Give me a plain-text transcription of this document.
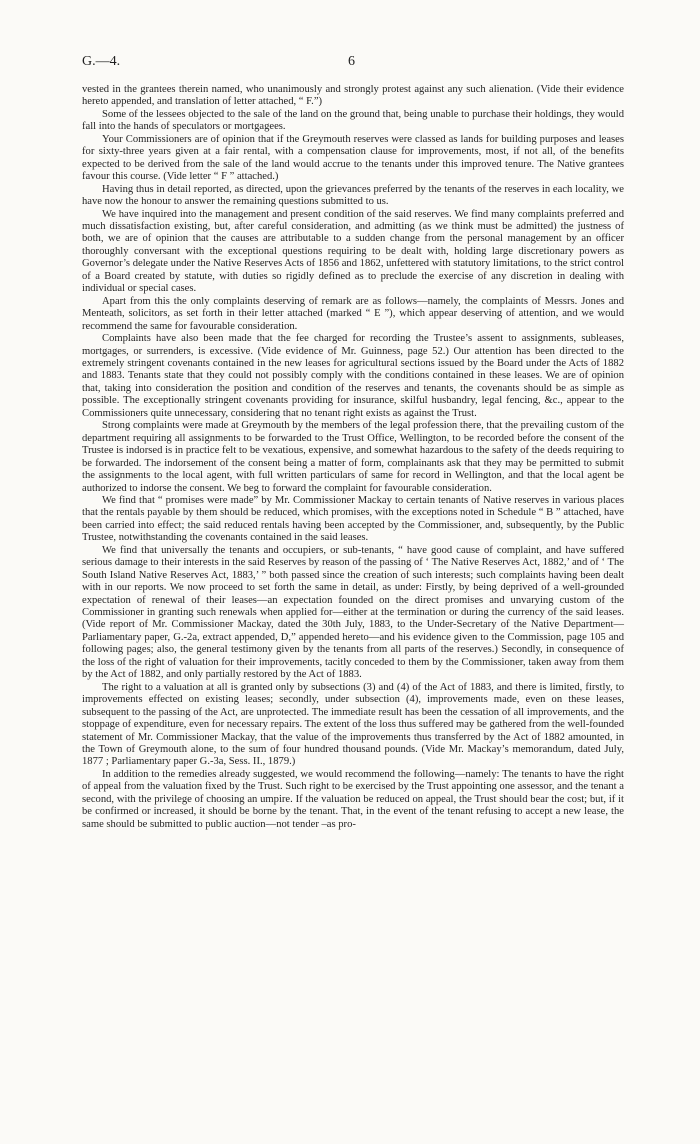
G.—4.	6

vested in the grantees therein named, who unanimously and strongly protest against any such alienation. (Vide their evidence hereto appended, and translation of letter attached, “ F.”)

Some of the lessees objected to the sale of the land on the ground that, being unable to purchase their holdings, they would fall into the hands of speculators or mortgagees.

Your Commissioners are of opinion that if the Greymouth reserves were classed as lands for building purposes and leases for sixty-three years given at a fair rental, with a compensation clause for improvements, most, if not all, of the benefits expected to be derived from the sale of the land would accrue to the tenants under this improved tenure. The Native grantees favour this course. (Vide letter “ F ” attached.)

Having thus in detail reported, as directed, upon the grievances preferred by the tenants of the reserves in each locality, we have now the honour to answer the remaining questions submitted to us.

We have inquired into the management and present condition of the said reserves. We find many complaints preferred and much dissatisfaction existing, but, after careful consideration, and admitting (as we think must be admitted) the justness of both, we are of opinion that the causes are attributable to a sudden change from the personal management by an officer thoroughly conversant with the exceptional questions requiring to be dealt with, holding large discretionary powers as Governor’s delegate under the Native Reserves Acts of 1856 and 1862, unfettered with statutory limitations, to the strict control of a Board created by statute, with duties so rigidly defined as to preclude the exercise of any discretion in dealing with individual or special cases.

Apart from this the only complaints deserving of remark are as follows—namely, the complaints of Messrs. Jones and Menteath, solicitors, as set forth in their letter attached (marked “ E ”), which appear deserving of attention, and we would recommend the same for favourable consideration.

Complaints have also been made that the fee charged for recording the Trustee’s assent to assignments, subleases, mortgages, or surrenders, is excessive. (Vide evidence of Mr. Guinness, page 52.) Our attention has been directed to the extremely stringent covenants contained in the new leases for agricultural sections issued by the Board under the Acts of 1882 and 1883. Tenants state that they could not possibly comply with the conditions contained in these leases. We are of opinion that, taking into consideration the position and condition of the reserves and tenants, the covenants should be as simple as possible. The exceptionally stringent covenants providing for insurance, skilful husbandry, legal fencing, &c., appear to the Commissioners quite unnecessary, considering that no tenant right exists as against the Trust.

Strong complaints were made at Greymouth by the members of the legal profession there, that the prevailing custom of the department requiring all assignments to be forwarded to the Trust Office, Wellington, to be recorded before the consent of the Trustee is indorsed is in practice felt to be vexatious, expensive, and somewhat hazardous to the safety of the deeds requiring to be forwarded. The indorsement of the consent being a matter of form, complainants ask that they may be permitted to submit the assignments to the local agent, with full written particulars of same for record in Wellington, and that the local agent be authorized to indorse the consent. We beg to forward the complaint for favourable consideration.

We find that “ promises were made” by Mr. Commissioner Mackay to certain tenants of Native reserves in various places that the rentals payable by them should be reduced, which promises, with the exceptions noted in Schedule “ B ” attached, have been carried into effect; the said reduced rentals having been accepted by the Commissioner, and, subsequently, by the Public Trustee, notwithstanding the covenants contained in the said leases.

We find that universally the tenants and occupiers, or sub-tenants, “ have good cause of complaint, and have suffered serious damage to their interests in the said Reserves by reason of the passing of ‘ The Native Reserves Act, 1882,’ and of ‘ The South Island Native Reserves Act, 1883,’ ” both passed since the creation of such interests; such complaints having been dealt with in our reports. We now proceed to set forth the same in detail, as under: Firstly, by being deprived of a well-grounded expectation of renewal of their leases—an expectation founded on the direct promises and unvarying custom of the Commissioner in granting such renewals when applied for—either at the termination or during the currency of the said leases. (Vide report of Mr. Commissioner Mackay, dated the 30th July, 1883, to the Under-Secretary of the Native Department—Parliamentary paper, G.-2a, extract appended, D,” appended hereto—and his evidence given to the Commission, page 105 and following pages; also, the general testimony given by the tenants from all parts of the reserves.) Secondly, in consequence of the loss of the right of valuation for their improvements, tacitly conceded to them by the Commissioner, taken away from them by the Act of 1882, and only partially restored by the Act of 1883.

The right to a valuation at all is granted only by subsections (3) and (4) of the Act of 1883, and there is limited, firstly, to improvements effected on existing leases; secondly, under subsection (4), improvements made, even on these leases, subsequent to the passing of the Act, are unprotected. The immediate result has been the cessation of all improvements, and the stoppage of expenditure, even for necessary repairs. The extent of the loss thus suffered may be gathered from the well-founded statement of Mr. Commissioner Mackay, that the value of the improvements thus transferred by the Act of 1882 amounted, in the Town of Greymouth alone, to the sum of four hundred thousand pounds. (Vide Mr. Mackay’s memorandum, dated July, 1877 ; Parliamentary paper G.-3a, Sess. II., 1879.)

In addition to the remedies already suggested, we would recommend the following—namely: The tenants to have the right of appeal from the valuation fixed by the Trust. Such right to be exercised by the Trust appointing one assessor, and the tenant a second, with the privilege of choosing an umpire. If the valuation be reduced on appeal, the Trust should bear the cost; but, if it be confirmed or increased, it should be borne by the tenant. That, in the event of the tenant refusing to accept a new lease, the same should be submitted to public auction—not tender –as pro-
